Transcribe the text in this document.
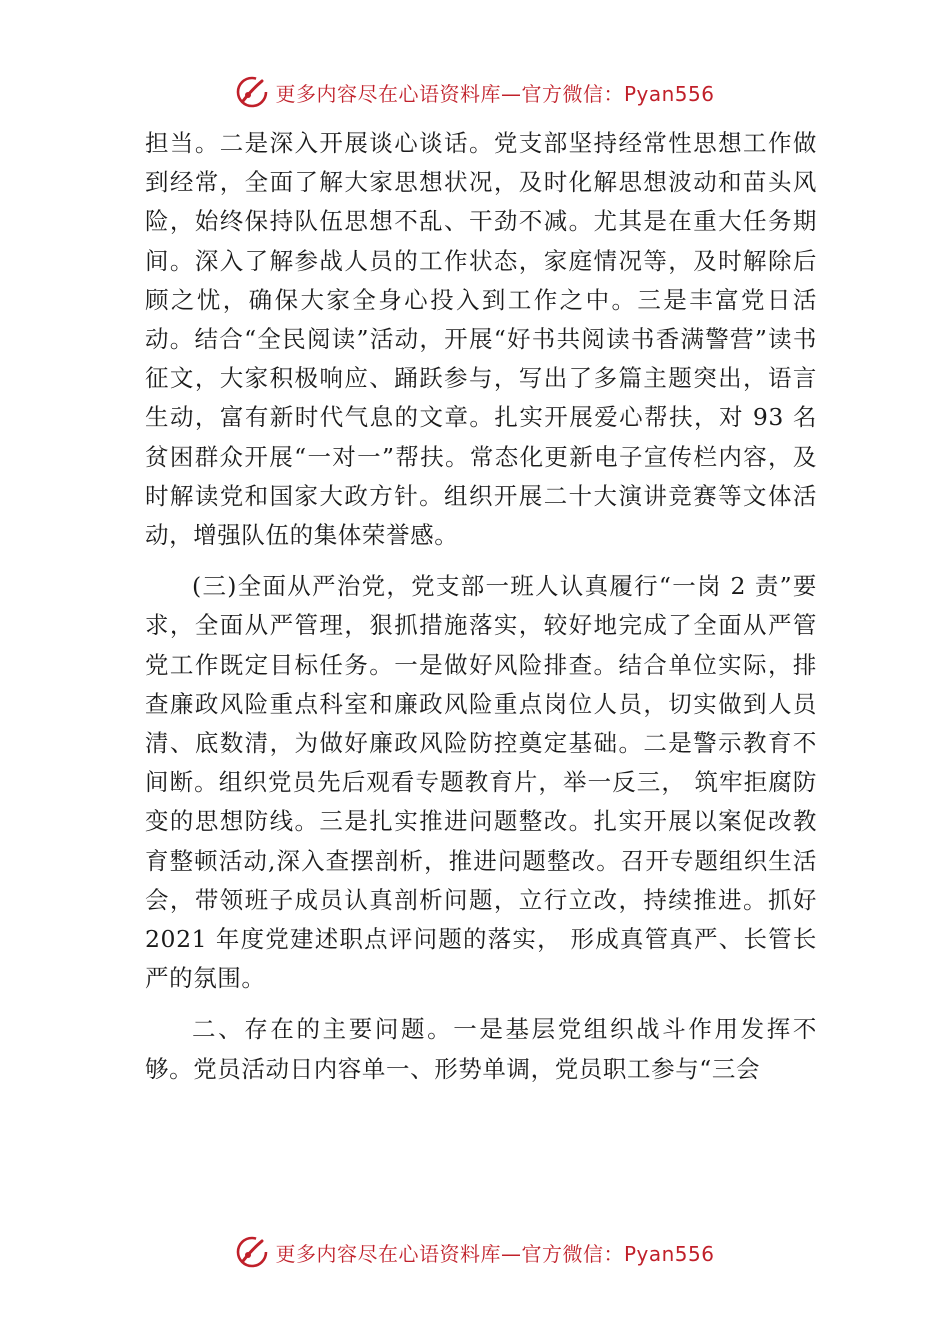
更多内容尽在心语资料库—官方微信：Pyan556

担当。二是深入开展谈心谈话。党支部坚持经常性思想工作做到经常，全面了解大家思想状况，及时化解思想波动和苗头风险，始终保持队伍思想不乱、干劲不减。尤其是在重大任务期间。深入了解参战人员的工作状态，家庭情况等，及时解除后顾之忧，确保大家全身心投入到工作之中。三是丰富党日活动。结合“全民阅读”活动，开展“好书共阅读书香满警营”读书征文，大家积极响应、踊跃参与，写出了多篇主题突出，语言生动，富有新时代气息的文章。扎实开展爱心帮扶，对 93 名贫困群众开展“一对一”帮扶。常态化更新电子宣传栏内容，及时解读党和国家大政方针。组织开展二十大演讲竞赛等文体活动，增强队伍的集体荣誉感。

(三)全面从严治党，党支部一班人认真履行“一岗 2 责”要求，全面从严管理，狠抓措施落实，较好地完成了全面从严管党工作既定目标任务。一是做好风险排查。结合单位实际，排查廉政风险重点科室和廉政风险重点岗位人员，切实做到人员清、底数清，为做好廉政风险防控奠定基础。二是警示教育不间断。组织党员先后观看专题教育片，举一反三， 筑牢拒腐防变的思想防线。三是扎实推进问题整改。扎实开展以案促改教育整顿活动,深入查摆剖析，推进问题整改。召开专题组织生活会，带领班子成员认真剖析问题，立行立改，持续推进。抓好 2021 年度党建述职点评问题的落实， 形成真管真严、长管长严的氛围。

二、存在的主要问题。一是基层党组织战斗作用发挥不够。党员活动日内容单一、形势单调，党员职工参与“三会

更多内容尽在心语资料库—官方微信：Pyan556
